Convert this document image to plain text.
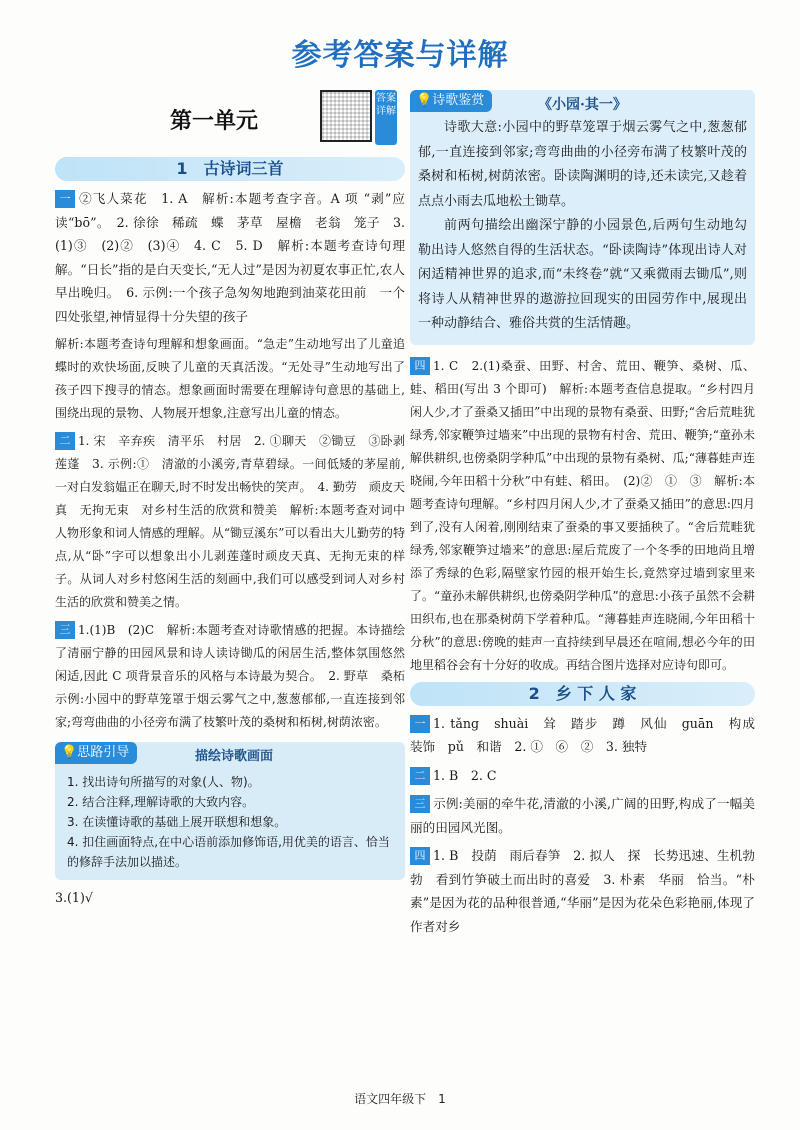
参考答案与详解
第一单元
答案详解
1　古诗词三首

一 ②飞人菜花　1. A　解析:本题考查字音。A 项 “剥”应读“bō”。　2. 徐徐　稀疏　蝶　茅草　屋檐　老翁　笼子　3.(1)③　(2)②　(3)④　4. C　5. D　解析:本题考查诗句理解。“日长”指的是白天变长,“无人过”是因为初夏农事正忙,农人早出晚归。　6. 示例:一个孩子急匆匆地跑到油菜花田前　一个四处张望,神情显得十分失望的孩子

解析:本题考查诗句理解和想象画面。“急走”生动地写出了儿童追蝶时的欢快场面,反映了儿童的天真活泼。“无处寻”生动地写出了孩子四下搜寻的情态。想象画面时需要在理解诗句意思的基础上,围绕出现的景物、人物展开想象,注意写出儿童的情态。

二 1. 宋　辛弃疾　清平乐　村居　2. ①聊天　②锄豆　③卧剥莲蓬　3. 示例:①　清澈的小溪旁,青草碧绿。一间低矮的茅屋前,一对白发翁媪正在聊天,时不时发出畅快的笑声。　4. 勤劳　顽皮天真　无拘无束　对乡村生活的欣赏和赞美　解析:本题考查对词中人物形象和词人情感的理解。从“锄豆溪东”可以看出大儿勤劳的特点,从“卧”字可以想象出小儿剥莲蓬时顽皮天真、无拘无束的样子。从词人对乡村悠闲生活的刻画中,我们可以感受到词人对乡村生活的欣赏和赞美之情。

三 1.(1)B　(2)C　解析:本题考查对诗歌情感的把握。本诗描绘了清丽宁静的田园风景和诗人读诗锄瓜的闲居生活,整体氛围悠然闲适,因此 C 项背景音乐的风格与本诗最为契合。　2. 野草　桑柘　示例:小园中的野草笼罩于烟云雾气之中,葱葱郁郁,一直连接到邻家;弯弯曲曲的小径旁布满了枝繁叶茂的桑树和柘树,树荫浓密。

💡思路引导	描绘诗歌画面
1. 找出诗句所描写的对象(人、物)。
2. 结合注释,理解诗歌的大致内容。
3. 在读懂诗歌的基础上展开联想和想象。
4. 扣住画面特点,在中心语前添加修饰语,用优美的语言、恰当的修辞手法加以描述。

3.(1)√

💡诗歌鉴赏	《小园·其一》

诗歌大意:小园中的野草笼罩于烟云雾气之中,葱葱郁郁,一直连接到邻家;弯弯曲曲的小径旁布满了枝繁叶茂的桑树和柘树,树荫浓密。卧读陶渊明的诗,还未读完,又趁着点点小雨去瓜地松土锄草。

前两句描绘出幽深宁静的小园景色,后两句生动地勾勒出诗人悠然自得的生活状态。“卧读陶诗”体现出诗人对闲适精神世界的追求,而“未终卷”就“又乘微雨去锄瓜”,则将诗人从精神世界的遨游拉回现实的田园劳作中,展现出一种动静结合、雅俗共赏的生活情趣。

四 1. C　2.(1)桑蚕、田野、村舍、荒田、鞭笋、桑树、瓜、蛙、稻田(写出 3 个即可)　解析:本题考查信息提取。“乡村四月闲人少,才了蚕桑又插田”中出现的景物有桑蚕、田野;“舍后荒畦犹绿秀,邻家鞭笋过墙来”中出现的景物有村舍、荒田、鞭笋;“童孙未解供耕织,也傍桑阴学种瓜”中出现的景物有桑树、瓜;“薄暮蛙声连晓闹,今年田稻十分秋”中有蛙、稻田。　(2)②　①　③　解析:本题考查诗句理解。“乡村四月闲人少,才了蚕桑又插田”的意思:四月到了,没有人闲着,刚刚结束了蚕桑的事又要插秧了。“舍后荒畦犹绿秀,邻家鞭笋过墙来”的意思:屋后荒废了一个冬季的田地尚且增添了秀绿的色彩,隔壁家竹园的根开始生长,竟然穿过墙到家里来了。“童孙未解供耕织,也傍桑阴学种瓜”的意思:小孩子虽然不会耕田织布,也在那桑树荫下学着种瓜。“薄暮蛙声连晓闹,今年田稻十分秋”的意思:傍晚的蛙声一直持续到早晨还在喧闹,想必今年的田地里稻谷会有十分好的收成。再结合图片选择对应诗句即可。

2　乡 下 人 家

一 1. tǎng　shuài　耸　踏步　蹲　风仙　guān　构成　装饰　pǔ　和谐　2. ①　⑥　②　3. 独特

二 1. B　2. C

三 示例:美丽的牵牛花,清澈的小溪,广阔的田野,构成了一幅美丽的田园风光图。

四 1. B　投荫　雨后春笋　2. 拟人　探　长势迅速、生机勃勃　看到竹笋破土而出时的喜爱　3. 朴素　华丽　恰当。“朴素”是因为花的品种很普通,“华丽”是因为花朵色彩艳丽,体现了作者对乡

语文四年级下　1
